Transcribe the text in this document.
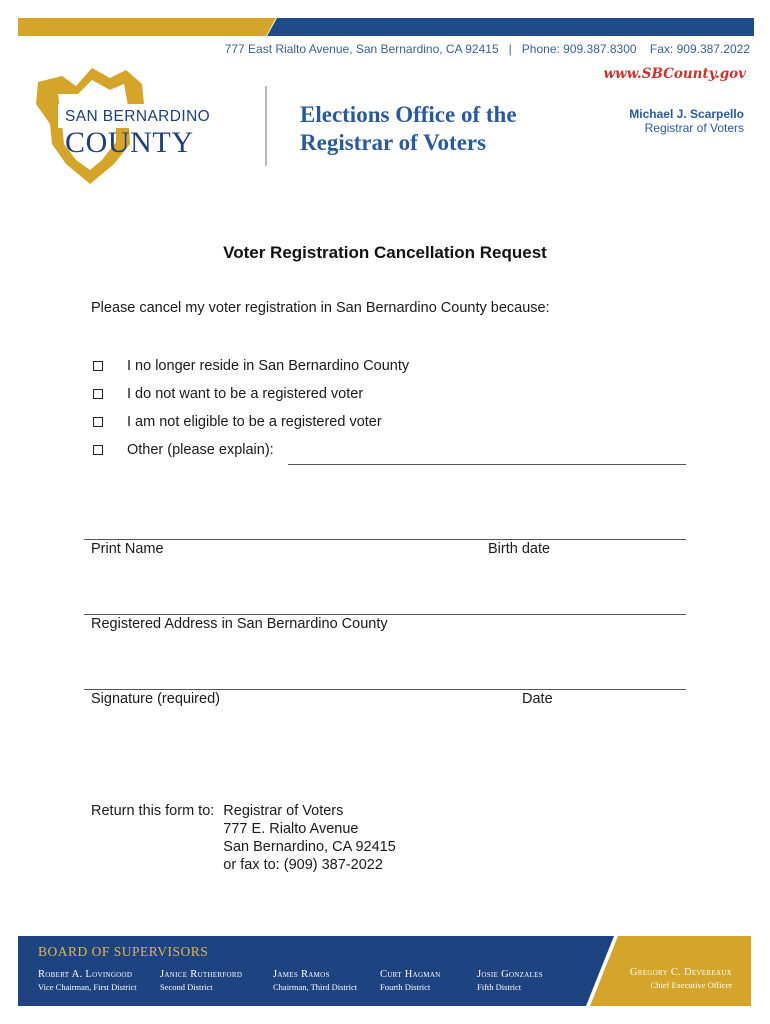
777 East Rialto Avenue, San Bernardino, CA 92415 | Phone: 909.387.8300 Fax: 909.387.2022
www.SBCounty.gov
SAN BERNARDINO
COUNTY
Elections Office of the
Registrar of Voters
Michael J. Scarpello
Registrar of Voters
Voter Registration Cancellation Request
Please cancel my voter registration in San Bernardino County because:
I no longer reside in San Bernardino County
I do not want to be a registered voter
I am not eligible to be a registered voter
Other (please explain):
Print Name	Birth date
Registered Address in San Bernardino County
Signature (required)	Date
Return this form to: Registrar of Voters
777 E. Rialto Avenue
San Bernardino, CA 92415
or fax to: (909) 387-2022
BOARD OF SUPERVISORS
Robert A. Lovingood
Vice Chairman, First District
Janice Rutherford
Second District
James Ramos
Chairman, Third District
Curt Hagman
Fourth District
Josie Gonzales
Fifth District
Gregory C. Devereaux
Chief Executive Officer
